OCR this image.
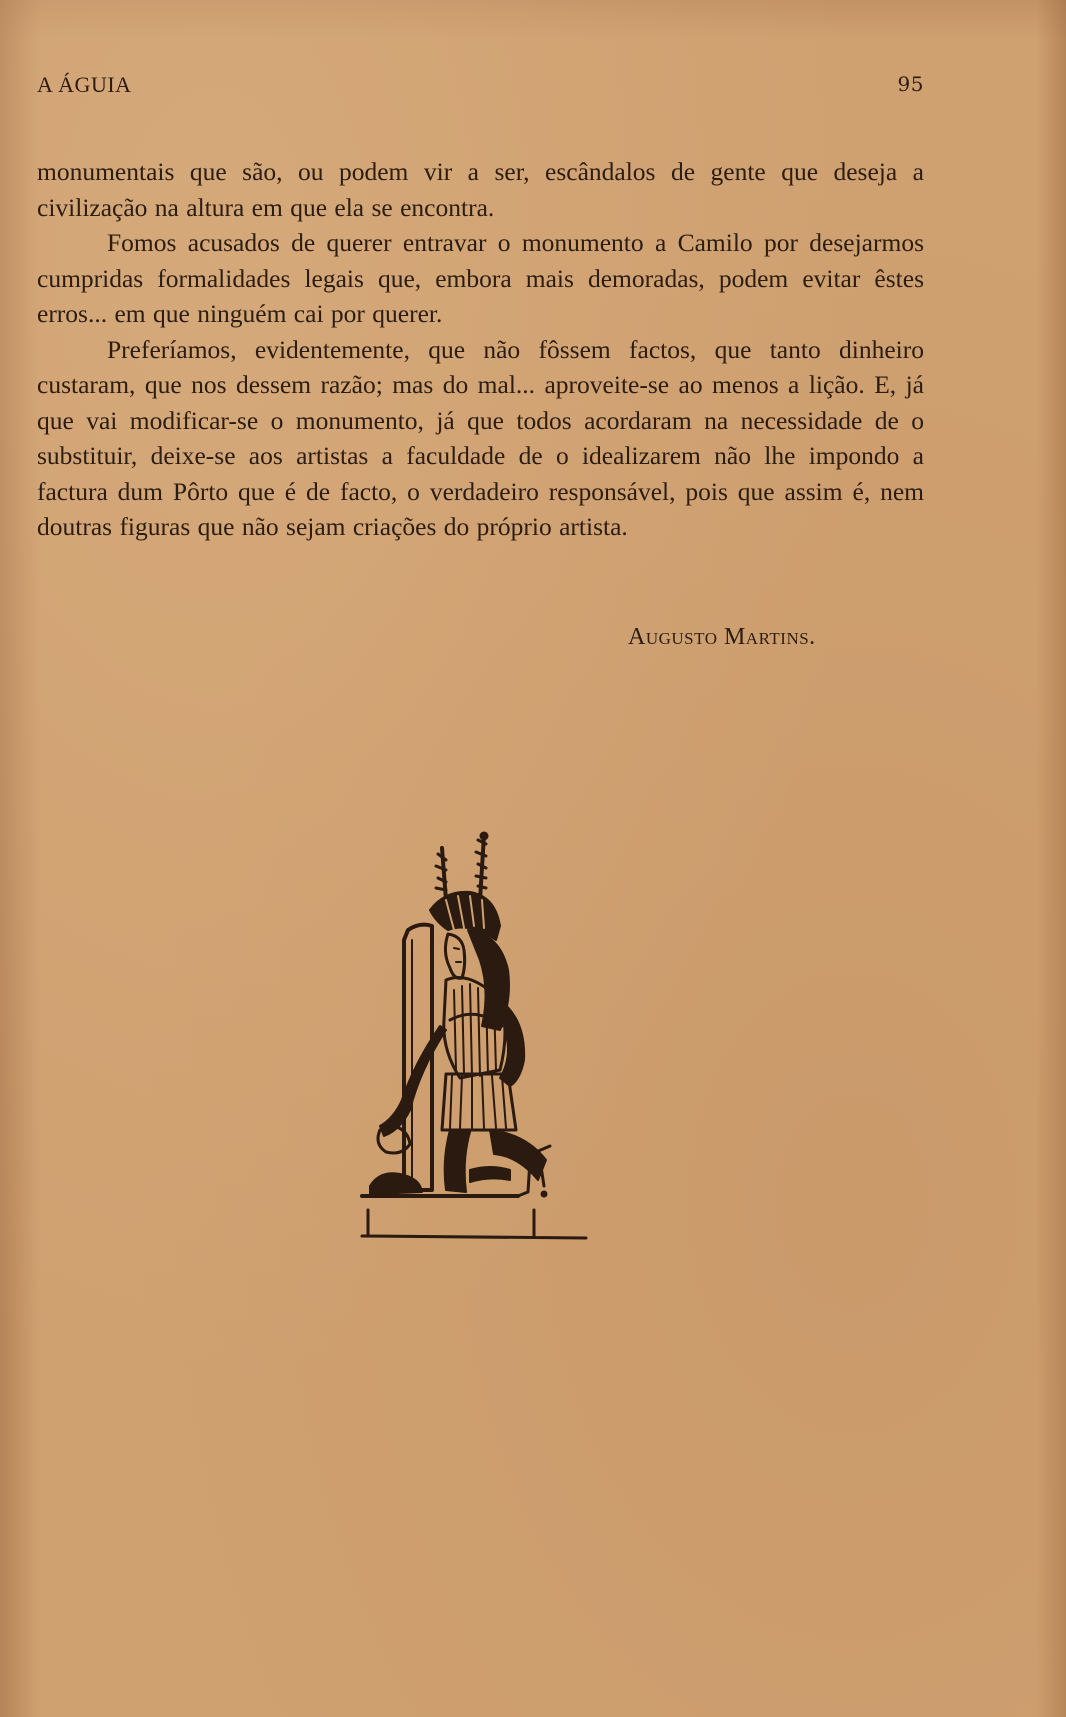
A ÁGUIA	95

monumentais que são, ou podem vir a ser, escândalos de gente que deseja a civilização na altura em que ela se encontra.

Fomos acusados de querer entravar o monumento a Camilo por desejarmos cumpridas formalidades legais que, embora mais demoradas, podem evitar êstes erros... em que ninguém cai por querer.

Preferíamos, evidentemente, que não fôssem factos, que tanto dinheiro custaram, que nos dessem razão; mas do mal... aproveite-se ao menos a lição. E, já que vai modificar-se o monumento, já que todos acordaram na necessidade de o substituir, deixe-se aos artistas a faculdade de o idealizarem não lhe impondo a factura dum Pôrto que é de facto, o verdadeiro responsável, pois que assim é, nem doutras figuras que não sejam criações do próprio artista.

Augusto Martins.
